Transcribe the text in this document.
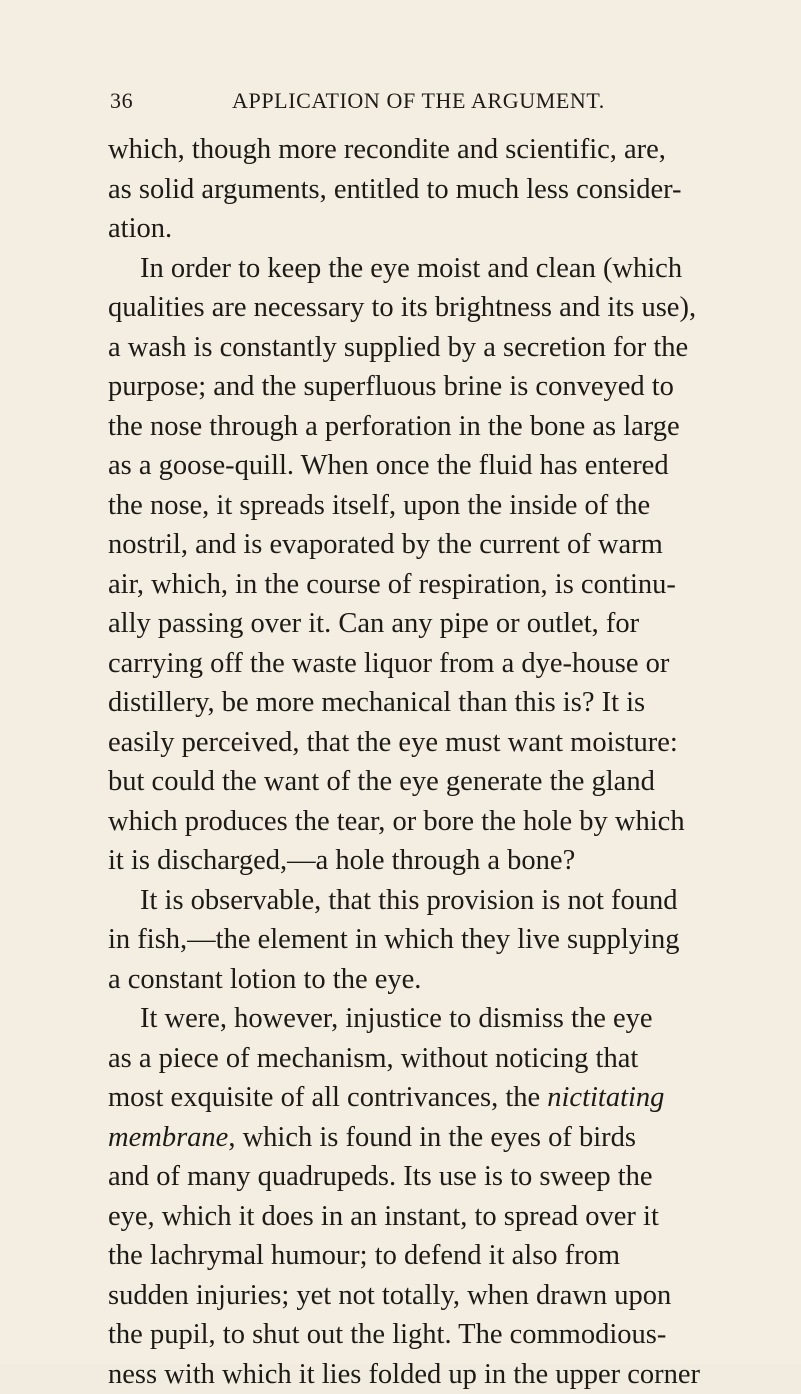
36	APPLICATION OF THE ARGUMENT.
which, though more recondite and scientific, are,
as solid arguments, entitled to much less consider-
ation.
In order to keep the eye moist and clean (which
qualities are necessary to its brightness and its use),
a wash is constantly supplied by a secretion for the
purpose; and the superfluous brine is conveyed to
the nose through a perforation in the bone as large
as a goose-quill. When once the fluid has entered
the nose, it spreads itself, upon the inside of the
nostril, and is evaporated by the current of warm
air, which, in the course of respiration, is continu-
ally passing over it. Can any pipe or outlet, for
carrying off the waste liquor from a dye-house or
distillery, be more mechanical than this is? It is
easily perceived, that the eye must want moisture:
but could the want of the eye generate the gland
which produces the tear, or bore the hole by which
it is discharged,—a hole through a bone?
It is observable, that this provision is not found
in fish,—the element in which they live supplying
a constant lotion to the eye.
It were, however, injustice to dismiss the eye
as a piece of mechanism, without noticing that
most exquisite of all contrivances, the nictitating
membrane, which is found in the eyes of birds
and of many quadrupeds. Its use is to sweep the
eye, which it does in an instant, to spread over it
the lachrymal humour; to defend it also from
sudden injuries; yet not totally, when drawn upon
the pupil, to shut out the light. The commodious-
ness with which it lies folded up in the upper corner
